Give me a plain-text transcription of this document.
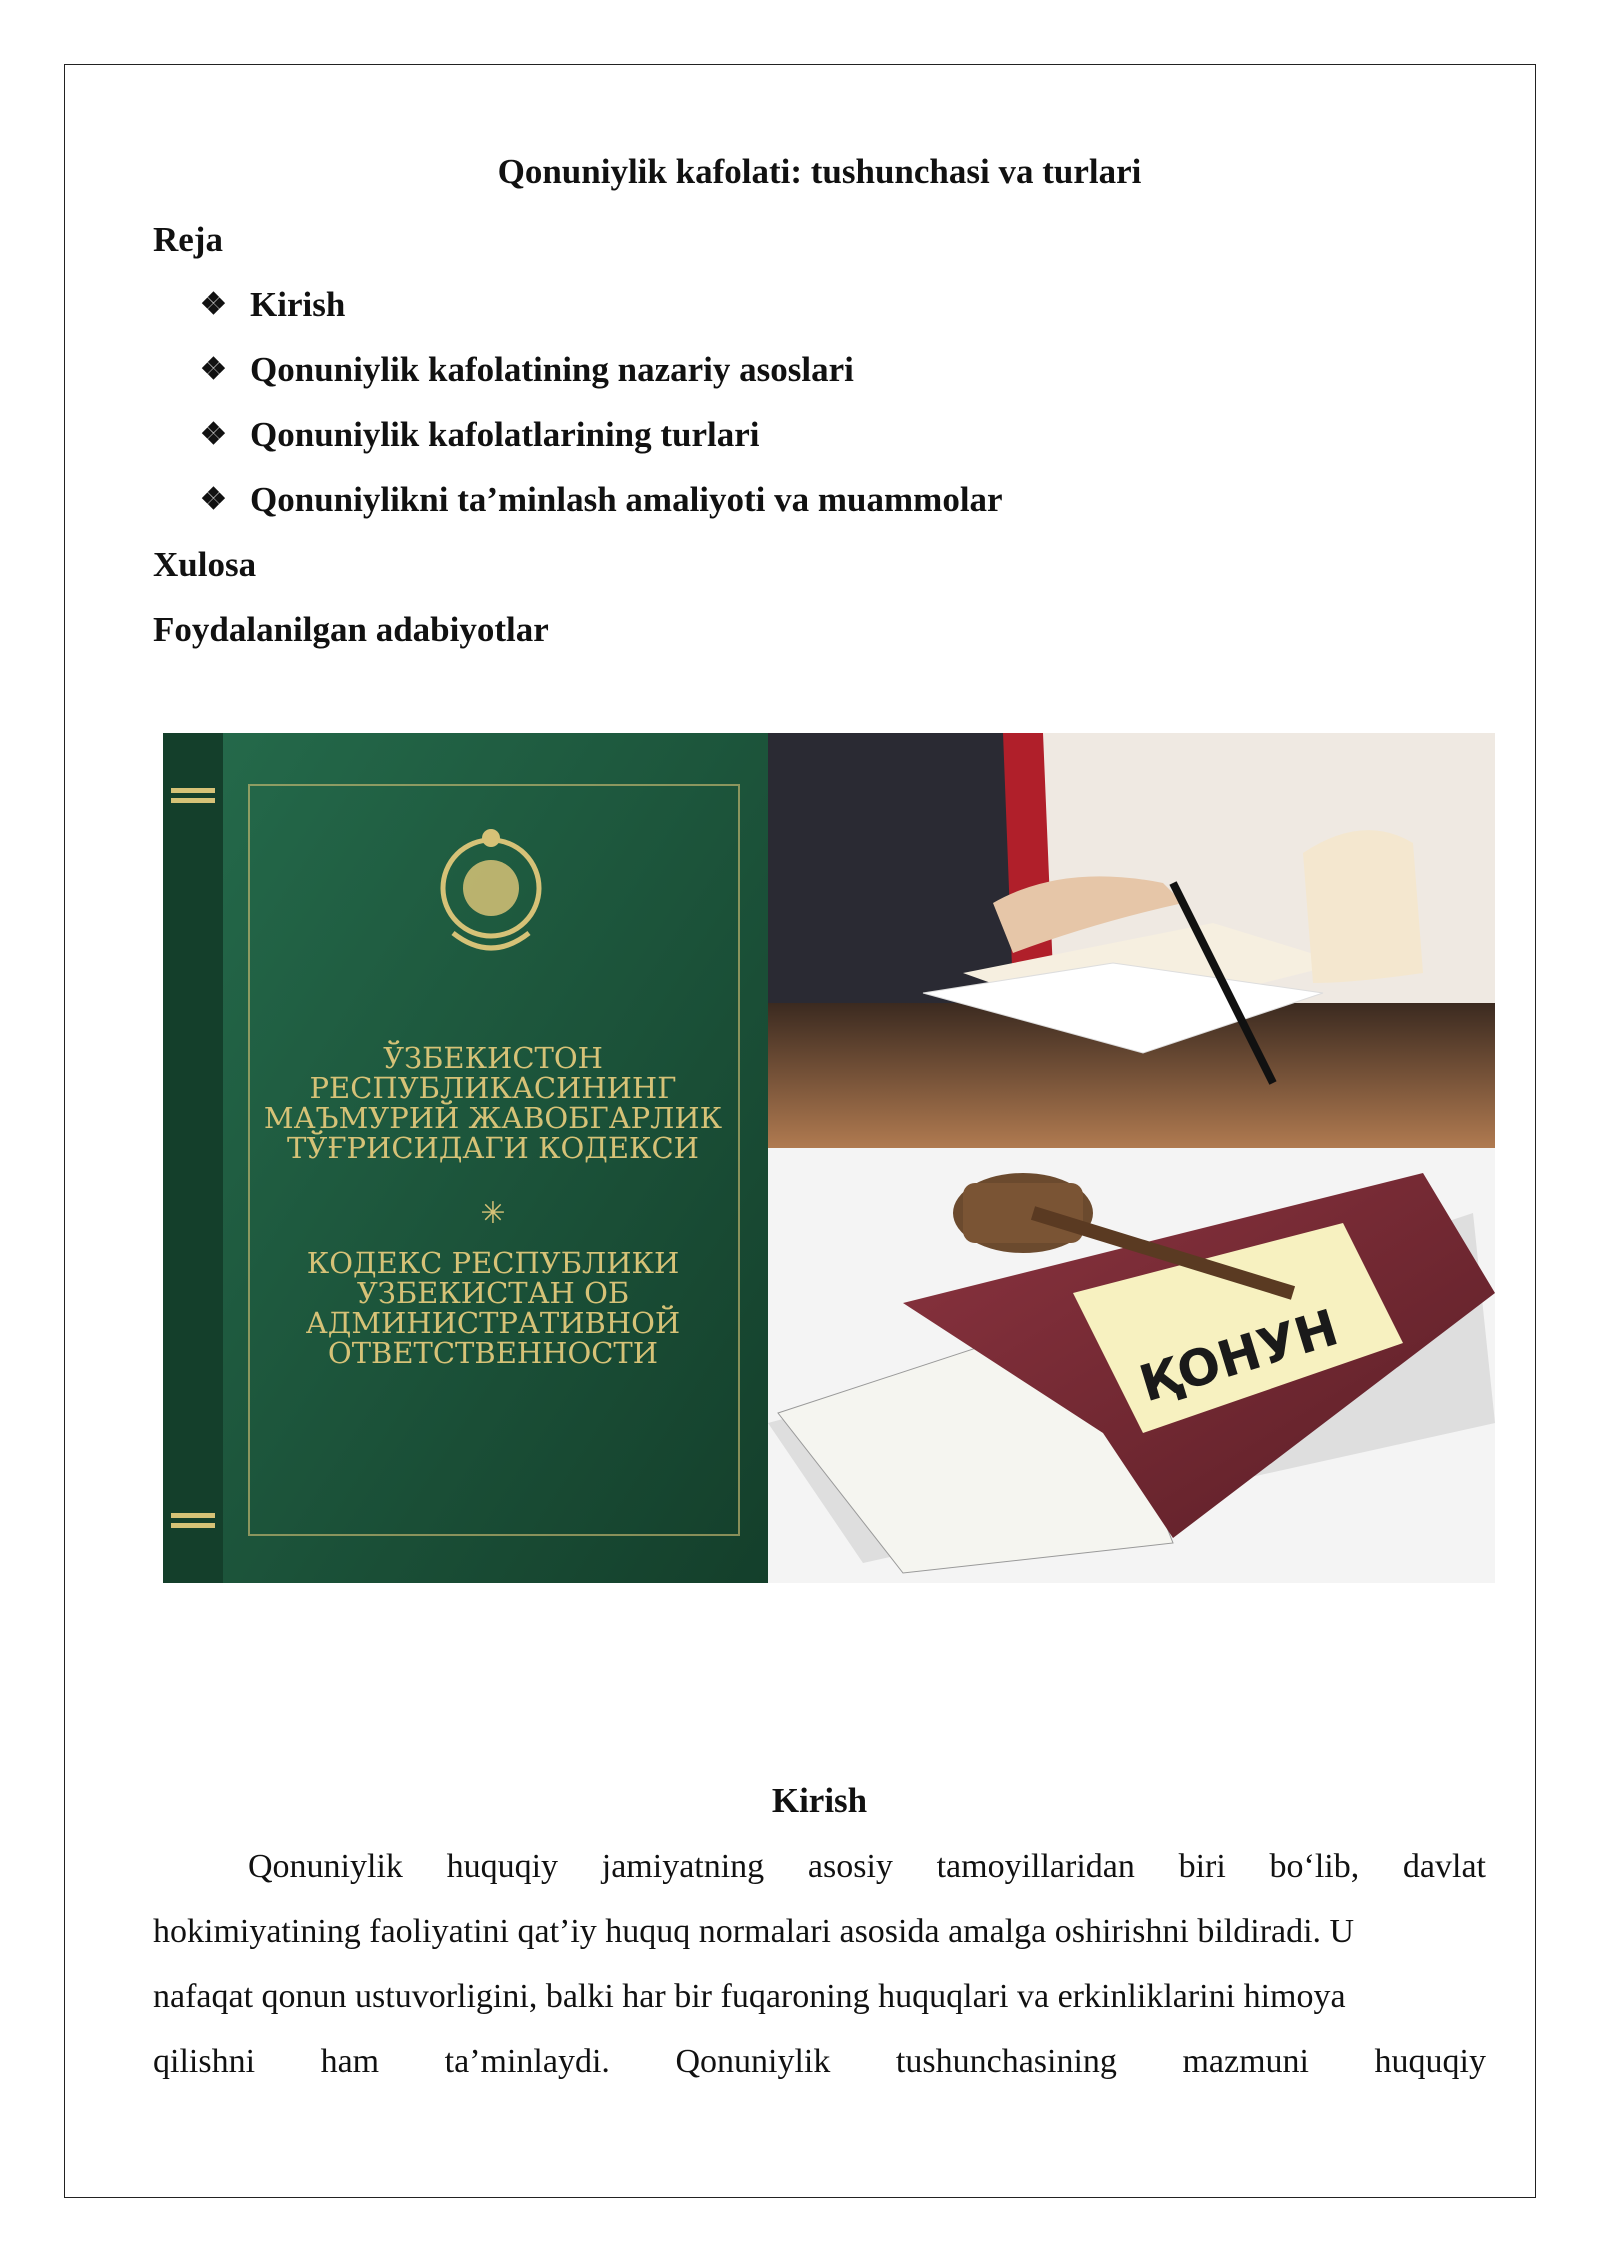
Qonuniylik kafolati: tushunchasi va turlari
Reja
❖ Kirish
❖ Qonuniylik kafolatining nazariy asoslari
❖ Qonuniylik kafolatlarining turlari
❖ Qonuniylikni ta’minlash amaliyoti va muammolar
Xulosa
Foydalanilgan adabiyotlar
ЎЗБЕКИСТОН
РЕСПУБЛИКАСИНИНГ
МАЪМУРИЙ ЖАВОБГАРЛИК
ТЎҒРИСИДАГИ КОДЕКСИ
✳
КОДЕКС РЕСПУБЛИКИ
УЗБЕКИСТАН ОБ
АДМИНИСТРАТИВНОЙ
ОТВЕТСТВЕННОСТИ	ҚОНУН
Kirish
Qonuniylik huquqiy jamiyatning asosiy tamoyillaridan biri bo‘lib, davlat
hokimiyatining faoliyatini qat’iy huquq normalari asosida amalga oshirishni bildiradi. U
nafaqat qonun ustuvorligini, balki har bir fuqaroning huquqlari va erkinliklarini himoya
qilishni ham ta’minlaydi. Qonuniylik tushunchasining mazmuni huquqiy
